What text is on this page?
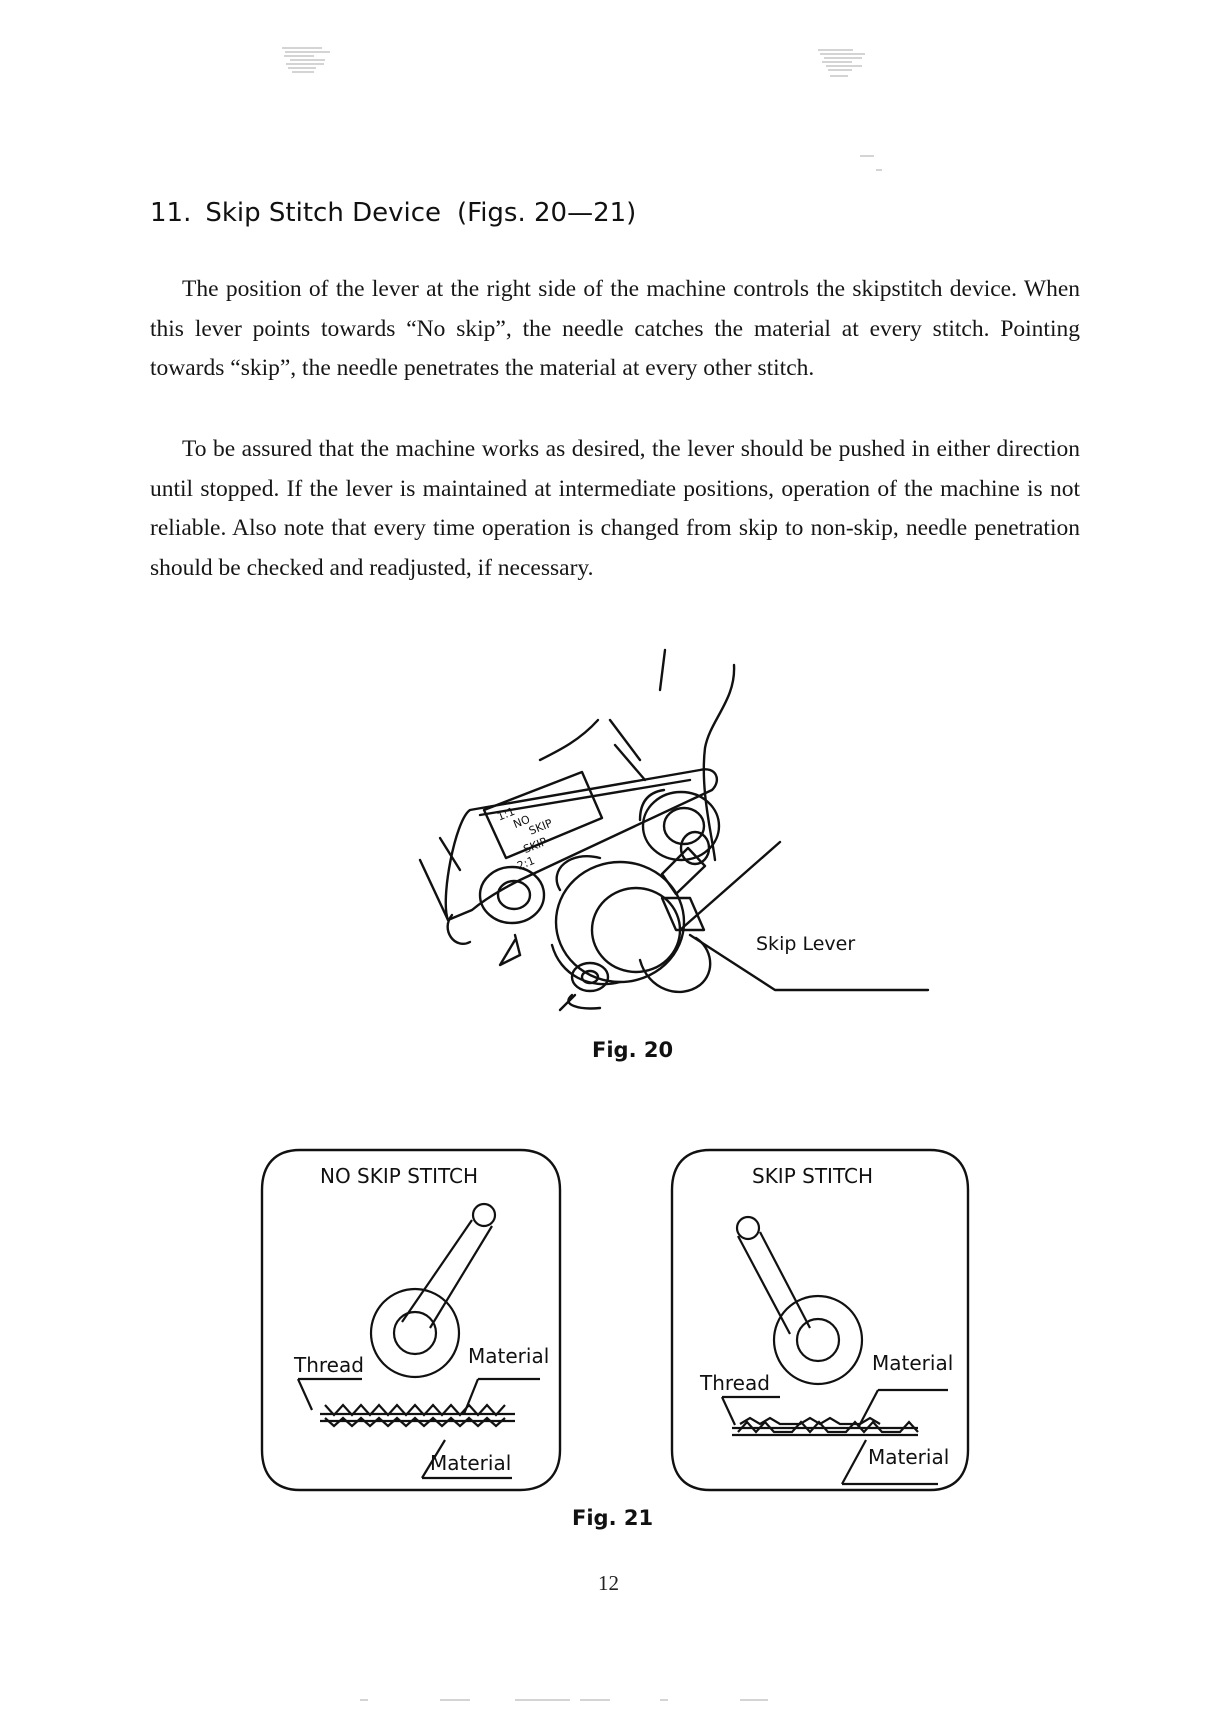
11. Skip Stitch Device (Figs. 20—21)

The position of the lever at the right side of the machine controls the skipstitch device. When this lever points towards “No skip”, the needle catches the material at every stitch. Pointing towards “skip”, the needle penetrates the material at every other stitch.

To be assured that the machine works as desired, the lever should be pushed in either direction until stopped. If the lever is maintained at intermediate positions, operation of the machine is not reliable. Also note that every time operation is changed from skip to non-skip, needle penetration should be checked and readjusted, if necessary.

1:1
NO
SKIP
SKIP
2:1
Skip Lever
Fig. 20
NO SKIP STITCH
Thread	Material
Material
SKIP STITCH
Thread
Material
Material
Fig. 21
12
